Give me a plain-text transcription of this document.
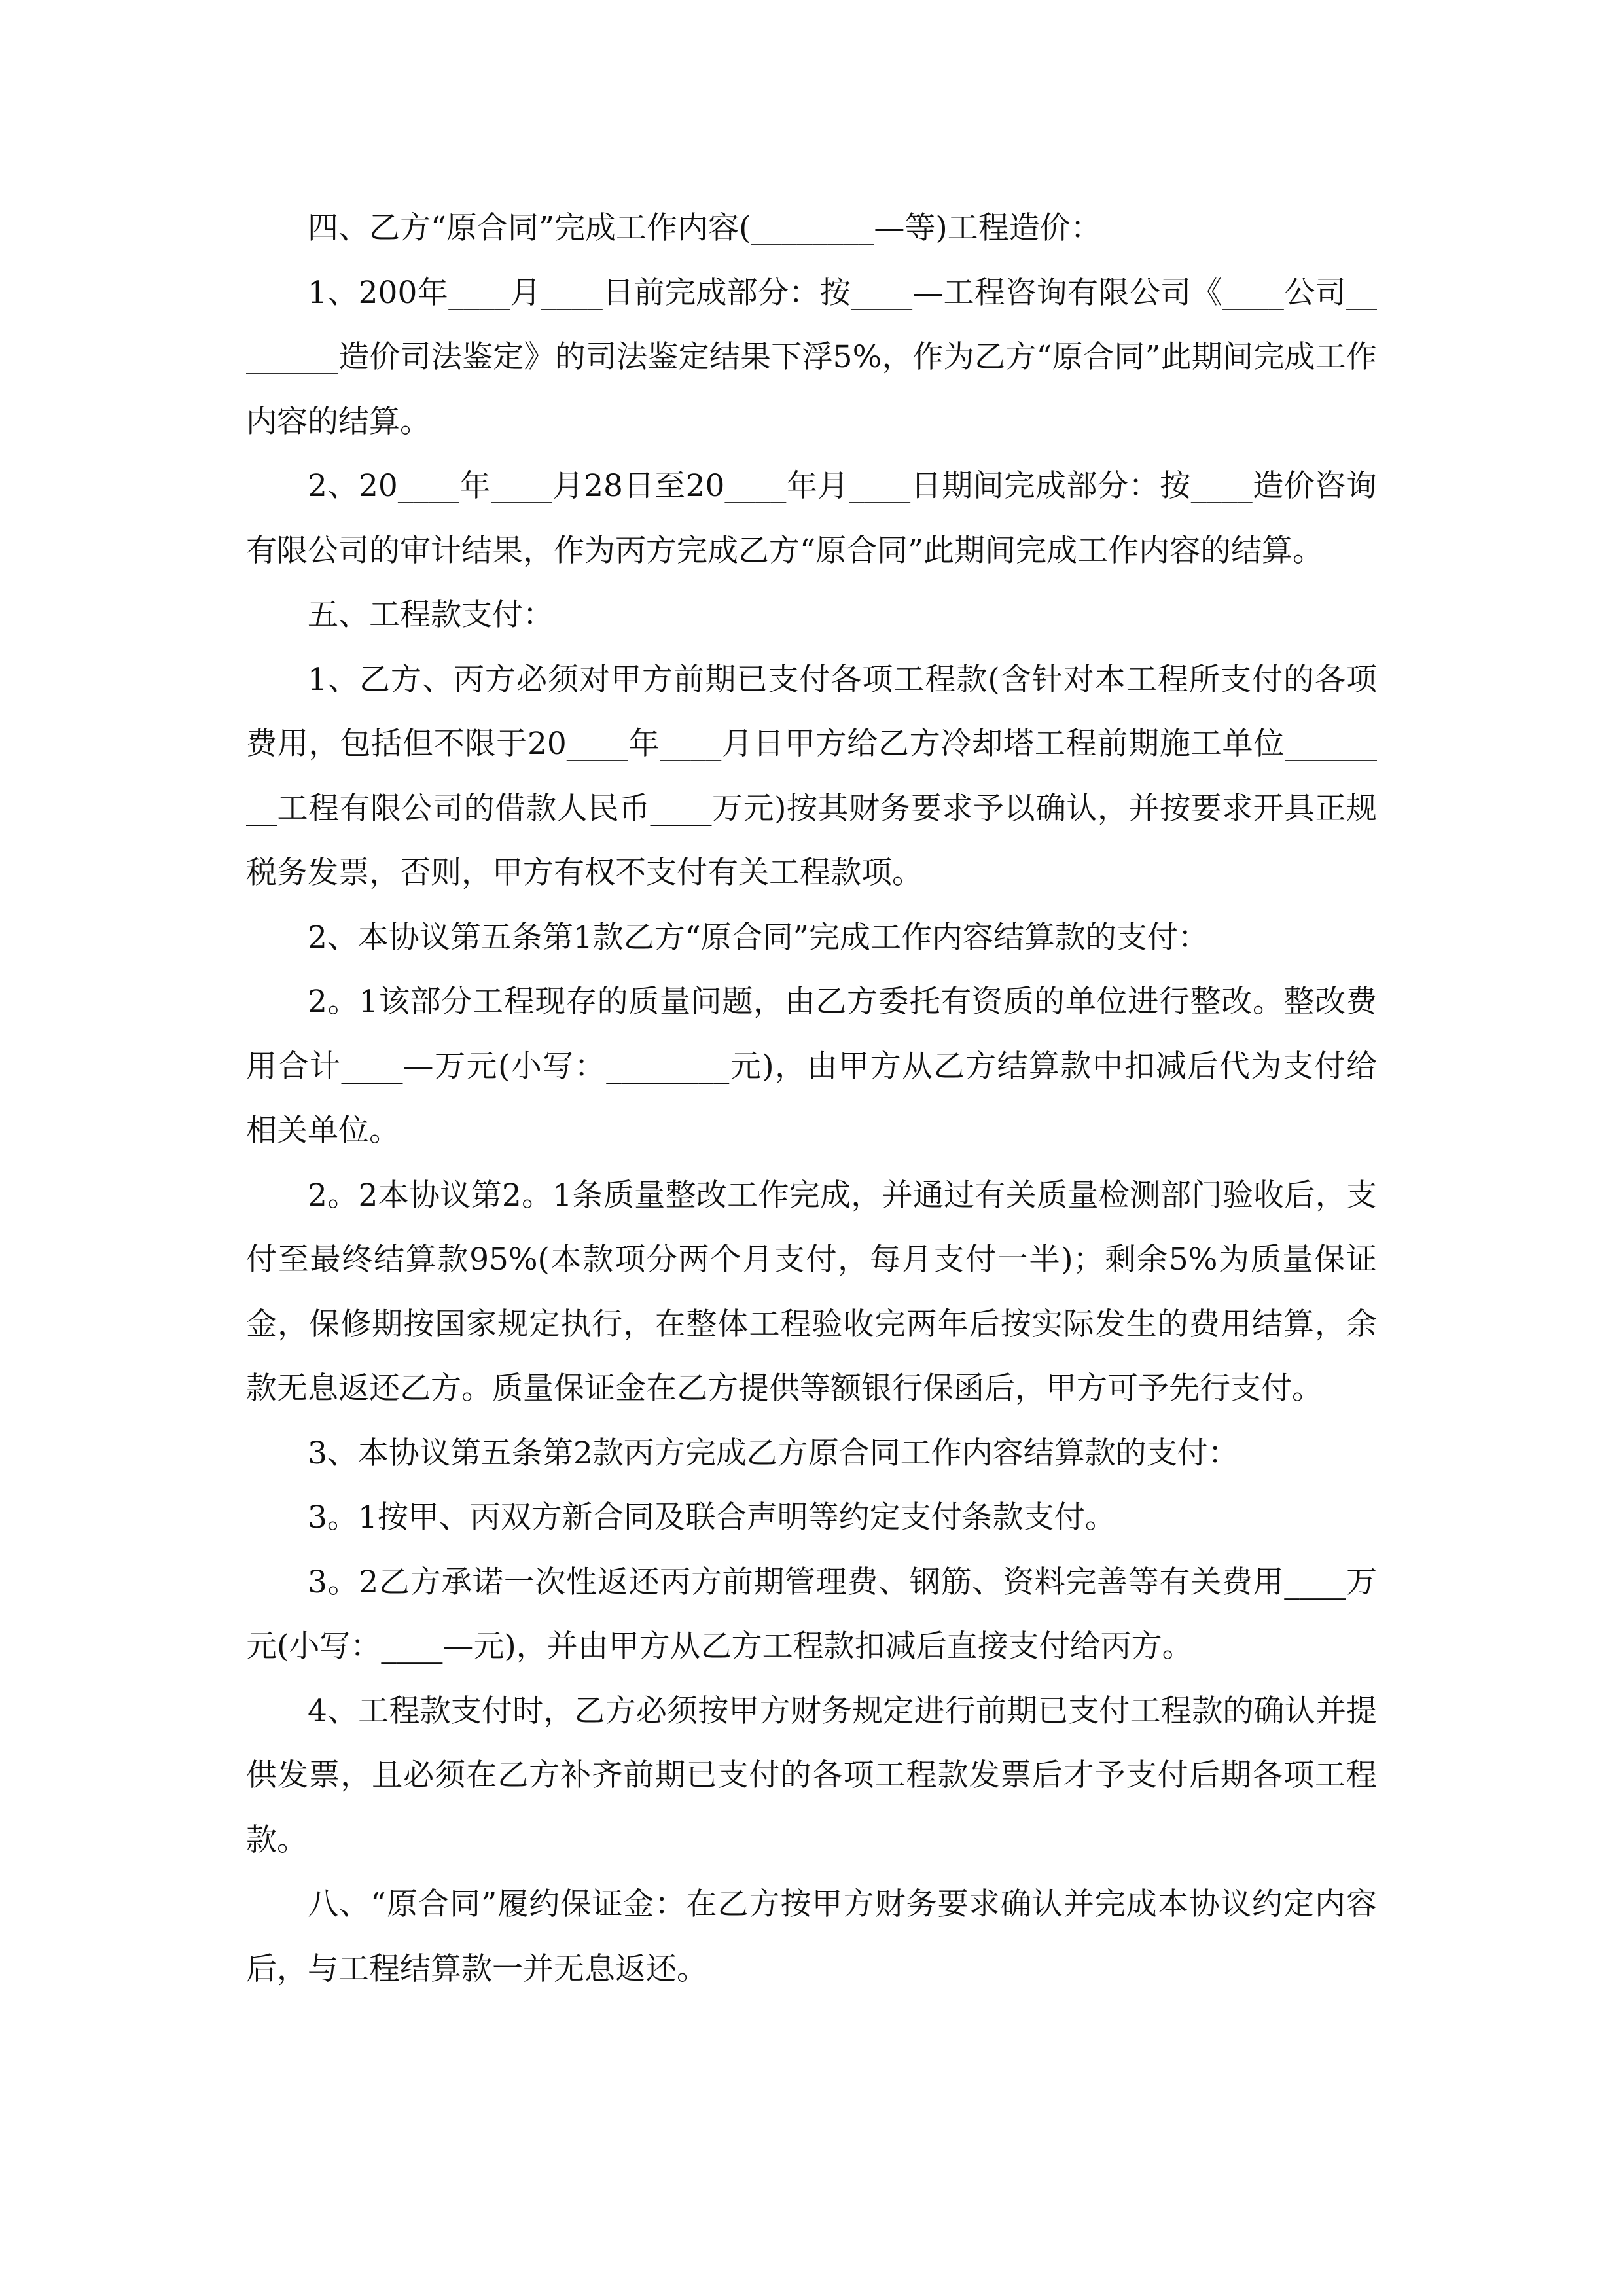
四、乙方“原合同”完成工作内容(________—等)工程造价：

1、200年____月____日前完成部分：按____—工程咨询有限公司《____公司________造价司法鉴定》的司法鉴定结果下浮5%，作为乙方“原合同”此期间完成工作内容的结算。

2、20____年____月28日至20____年月____日期间完成部分：按____造价咨询有限公司的审计结果，作为丙方完成乙方“原合同”此期间完成工作内容的结算。

五、工程款支付：

1、乙方、丙方必须对甲方前期已支付各项工程款(含针对本工程所支付的各项费用，包括但不限于20____年____月日甲方给乙方冷却塔工程前期施工单位________工程有限公司的借款人民币____万元)按其财务要求予以确认，并按要求开具正规税务发票，否则，甲方有权不支付有关工程款项。

2、本协议第五条第1款乙方“原合同”完成工作内容结算款的支付：

2。1该部分工程现存的质量问题，由乙方委托有资质的单位进行整改。整改费用合计____—万元(小写：________元)，由甲方从乙方结算款中扣减后代为支付给相关单位。

2。2本协议第2。1条质量整改工作完成，并通过有关质量检测部门验收后，支付至最终结算款95%(本款项分两个月支付，每月支付一半)；剩余5%为质量保证金，保修期按国家规定执行，在整体工程验收完两年后按实际发生的费用结算，余款无息返还乙方。质量保证金在乙方提供等额银行保函后，甲方可予先行支付。

3、本协议第五条第2款丙方完成乙方原合同工作内容结算款的支付：

3。1按甲、丙双方新合同及联合声明等约定支付条款支付。

3。2乙方承诺一次性返还丙方前期管理费、钢筋、资料完善等有关费用____万元(小写：____—元)，并由甲方从乙方工程款扣减后直接支付给丙方。

4、工程款支付时，乙方必须按甲方财务规定进行前期已支付工程款的确认并提供发票，且必须在乙方补齐前期已支付的各项工程款发票后才予支付后期各项工程款。

八、“原合同”履约保证金：在乙方按甲方财务要求确认并完成本协议约定内容后，与工程结算款一并无息返还。
